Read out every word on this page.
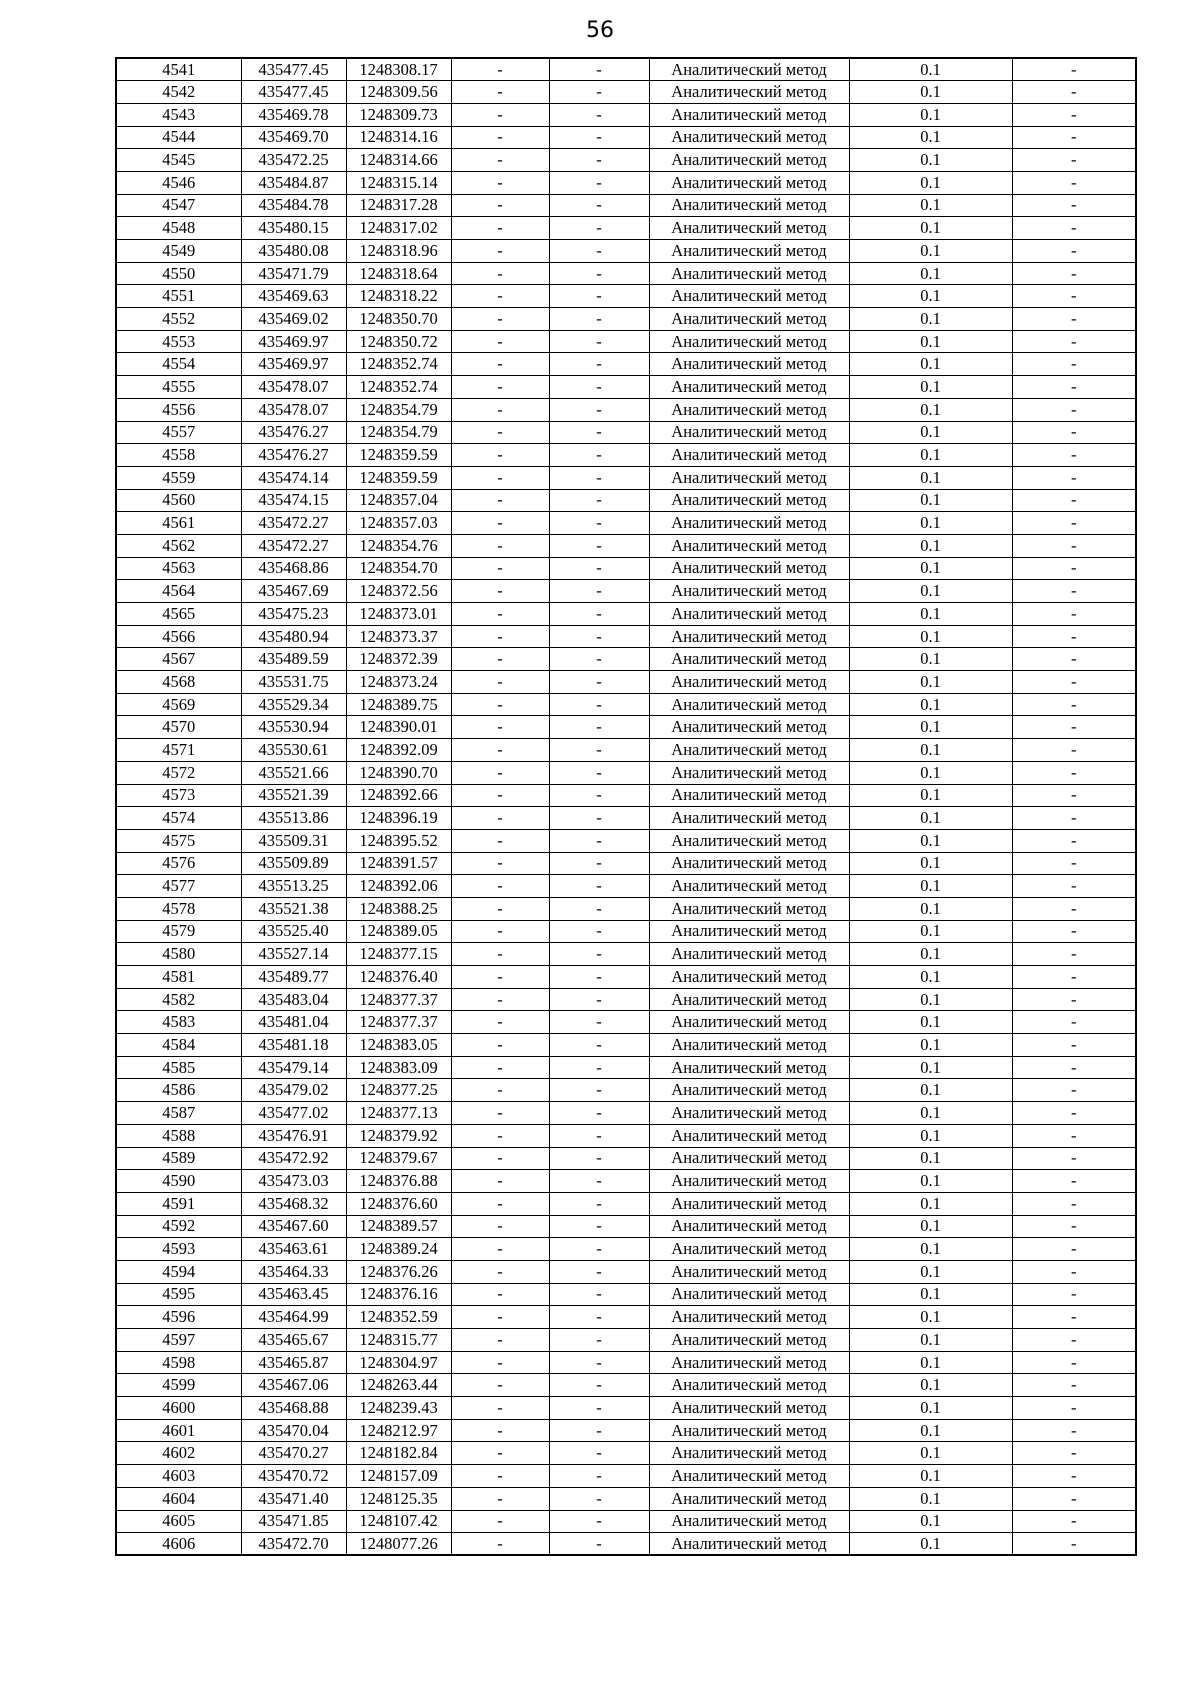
56
4541	435477.45	1248308.17	-	-	Аналитический метод	0.1	-
4542	435477.45	1248309.56	-	-	Аналитический метод	0.1	-
4543	435469.78	1248309.73	-	-	Аналитический метод	0.1	-
4544	435469.70	1248314.16	-	-	Аналитический метод	0.1	-
4545	435472.25	1248314.66	-	-	Аналитический метод	0.1	-
4546	435484.87	1248315.14	-	-	Аналитический метод	0.1	-
4547	435484.78	1248317.28	-	-	Аналитический метод	0.1	-
4548	435480.15	1248317.02	-	-	Аналитический метод	0.1	-
4549	435480.08	1248318.96	-	-	Аналитический метод	0.1	-
4550	435471.79	1248318.64	-	-	Аналитический метод	0.1	-
4551	435469.63	1248318.22	-	-	Аналитический метод	0.1	-
4552	435469.02	1248350.70	-	-	Аналитический метод	0.1	-
4553	435469.97	1248350.72	-	-	Аналитический метод	0.1	-
4554	435469.97	1248352.74	-	-	Аналитический метод	0.1	-
4555	435478.07	1248352.74	-	-	Аналитический метод	0.1	-
4556	435478.07	1248354.79	-	-	Аналитический метод	0.1	-
4557	435476.27	1248354.79	-	-	Аналитический метод	0.1	-
4558	435476.27	1248359.59	-	-	Аналитический метод	0.1	-
4559	435474.14	1248359.59	-	-	Аналитический метод	0.1	-
4560	435474.15	1248357.04	-	-	Аналитический метод	0.1	-
4561	435472.27	1248357.03	-	-	Аналитический метод	0.1	-
4562	435472.27	1248354.76	-	-	Аналитический метод	0.1	-
4563	435468.86	1248354.70	-	-	Аналитический метод	0.1	-
4564	435467.69	1248372.56	-	-	Аналитический метод	0.1	-
4565	435475.23	1248373.01	-	-	Аналитический метод	0.1	-
4566	435480.94	1248373.37	-	-	Аналитический метод	0.1	-
4567	435489.59	1248372.39	-	-	Аналитический метод	0.1	-
4568	435531.75	1248373.24	-	-	Аналитический метод	0.1	-
4569	435529.34	1248389.75	-	-	Аналитический метод	0.1	-
4570	435530.94	1248390.01	-	-	Аналитический метод	0.1	-
4571	435530.61	1248392.09	-	-	Аналитический метод	0.1	-
4572	435521.66	1248390.70	-	-	Аналитический метод	0.1	-
4573	435521.39	1248392.66	-	-	Аналитический метод	0.1	-
4574	435513.86	1248396.19	-	-	Аналитический метод	0.1	-
4575	435509.31	1248395.52	-	-	Аналитический метод	0.1	-
4576	435509.89	1248391.57	-	-	Аналитический метод	0.1	-
4577	435513.25	1248392.06	-	-	Аналитический метод	0.1	-
4578	435521.38	1248388.25	-	-	Аналитический метод	0.1	-
4579	435525.40	1248389.05	-	-	Аналитический метод	0.1	-
4580	435527.14	1248377.15	-	-	Аналитический метод	0.1	-
4581	435489.77	1248376.40	-	-	Аналитический метод	0.1	-
4582	435483.04	1248377.37	-	-	Аналитический метод	0.1	-
4583	435481.04	1248377.37	-	-	Аналитический метод	0.1	-
4584	435481.18	1248383.05	-	-	Аналитический метод	0.1	-
4585	435479.14	1248383.09	-	-	Аналитический метод	0.1	-
4586	435479.02	1248377.25	-	-	Аналитический метод	0.1	-
4587	435477.02	1248377.13	-	-	Аналитический метод	0.1	-
4588	435476.91	1248379.92	-	-	Аналитический метод	0.1	-
4589	435472.92	1248379.67	-	-	Аналитический метод	0.1	-
4590	435473.03	1248376.88	-	-	Аналитический метод	0.1	-
4591	435468.32	1248376.60	-	-	Аналитический метод	0.1	-
4592	435467.60	1248389.57	-	-	Аналитический метод	0.1	-
4593	435463.61	1248389.24	-	-	Аналитический метод	0.1	-
4594	435464.33	1248376.26	-	-	Аналитический метод	0.1	-
4595	435463.45	1248376.16	-	-	Аналитический метод	0.1	-
4596	435464.99	1248352.59	-	-	Аналитический метод	0.1	-
4597	435465.67	1248315.77	-	-	Аналитический метод	0.1	-
4598	435465.87	1248304.97	-	-	Аналитический метод	0.1	-
4599	435467.06	1248263.44	-	-	Аналитический метод	0.1	-
4600	435468.88	1248239.43	-	-	Аналитический метод	0.1	-
4601	435470.04	1248212.97	-	-	Аналитический метод	0.1	-
4602	435470.27	1248182.84	-	-	Аналитический метод	0.1	-
4603	435470.72	1248157.09	-	-	Аналитический метод	0.1	-
4604	435471.40	1248125.35	-	-	Аналитический метод	0.1	-
4605	435471.85	1248107.42	-	-	Аналитический метод	0.1	-
4606	435472.70	1248077.26	-	-	Аналитический метод	0.1	-
